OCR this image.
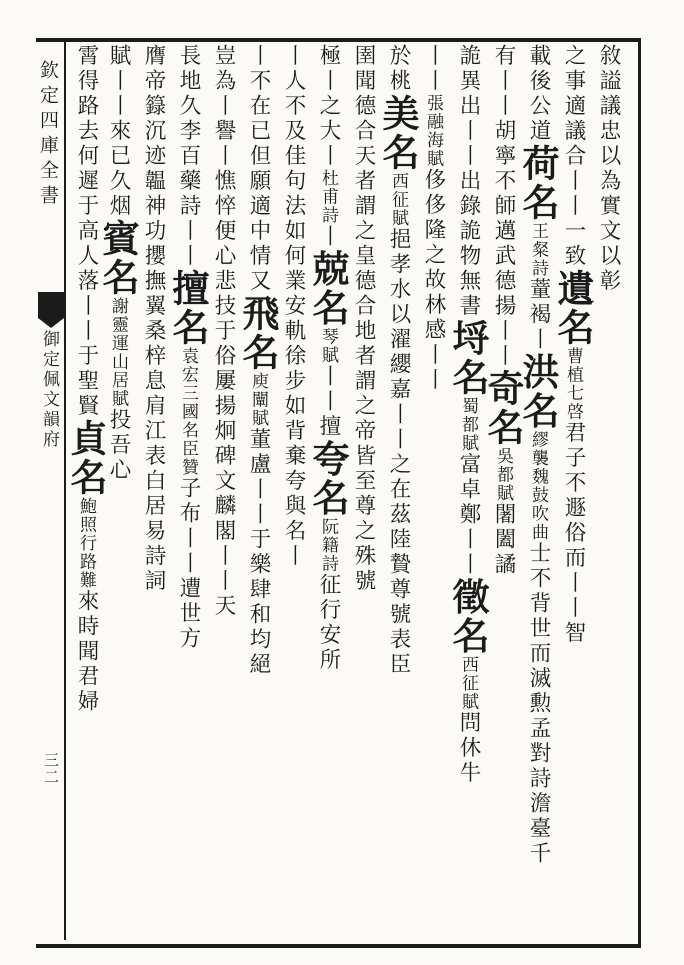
欽定四庫全書
御定佩文韻府
三二
敘謚議忠以為實文以彰
之事適議合丨丨一致遺名曹植七啓君子不遯俗而丨丨智
載後公道荷名王粲詩蕫褐丨洪名繆襲魏鼓吹曲士不背世而滅勲孟對詩澹臺千
有丨丨胡寧不師邁武德揚丨丨奇名吳都賦闍闔譎
詭異出丨丨出錄詭物無書埒名蜀都賦富卓鄭丨丨徵名西征賦問休牛
丨丨張融海賦侈侈隆之故林感丨丨
於桃美名西征賦挹孝水以濯纓嘉丨丨之在茲陸贄尊號表臣
圉聞德合天者謂之皇德合地者謂之帝皆至尊之殊號
極丨之大丨杜甫詩丨兢名琴賦丨丨擅夸名阮籍詩征行安所
丨人不及佳句法如何業安軌徐步如背棄夸與名丨
丨不在已但願適中情又飛名庾闡賦董盧丨丨于樂肆和均絕
豈為丨譽丨憔悴便心悲技于俗屢揚炯碑文麟閣丨丨天
長地久李百藥詩丨丨擅名袁宏三國名臣贊子布丨丨遭世方
膺帝籙沉迹韞神功攖撫翼桑梓息肩江表白居易詩詞
賦丨丨來已久烟賓名謝靈運山居賦投吾心
霄得路去何遲于高人落丨丨于聖賢貞名鮑照行路難來時聞君婦
